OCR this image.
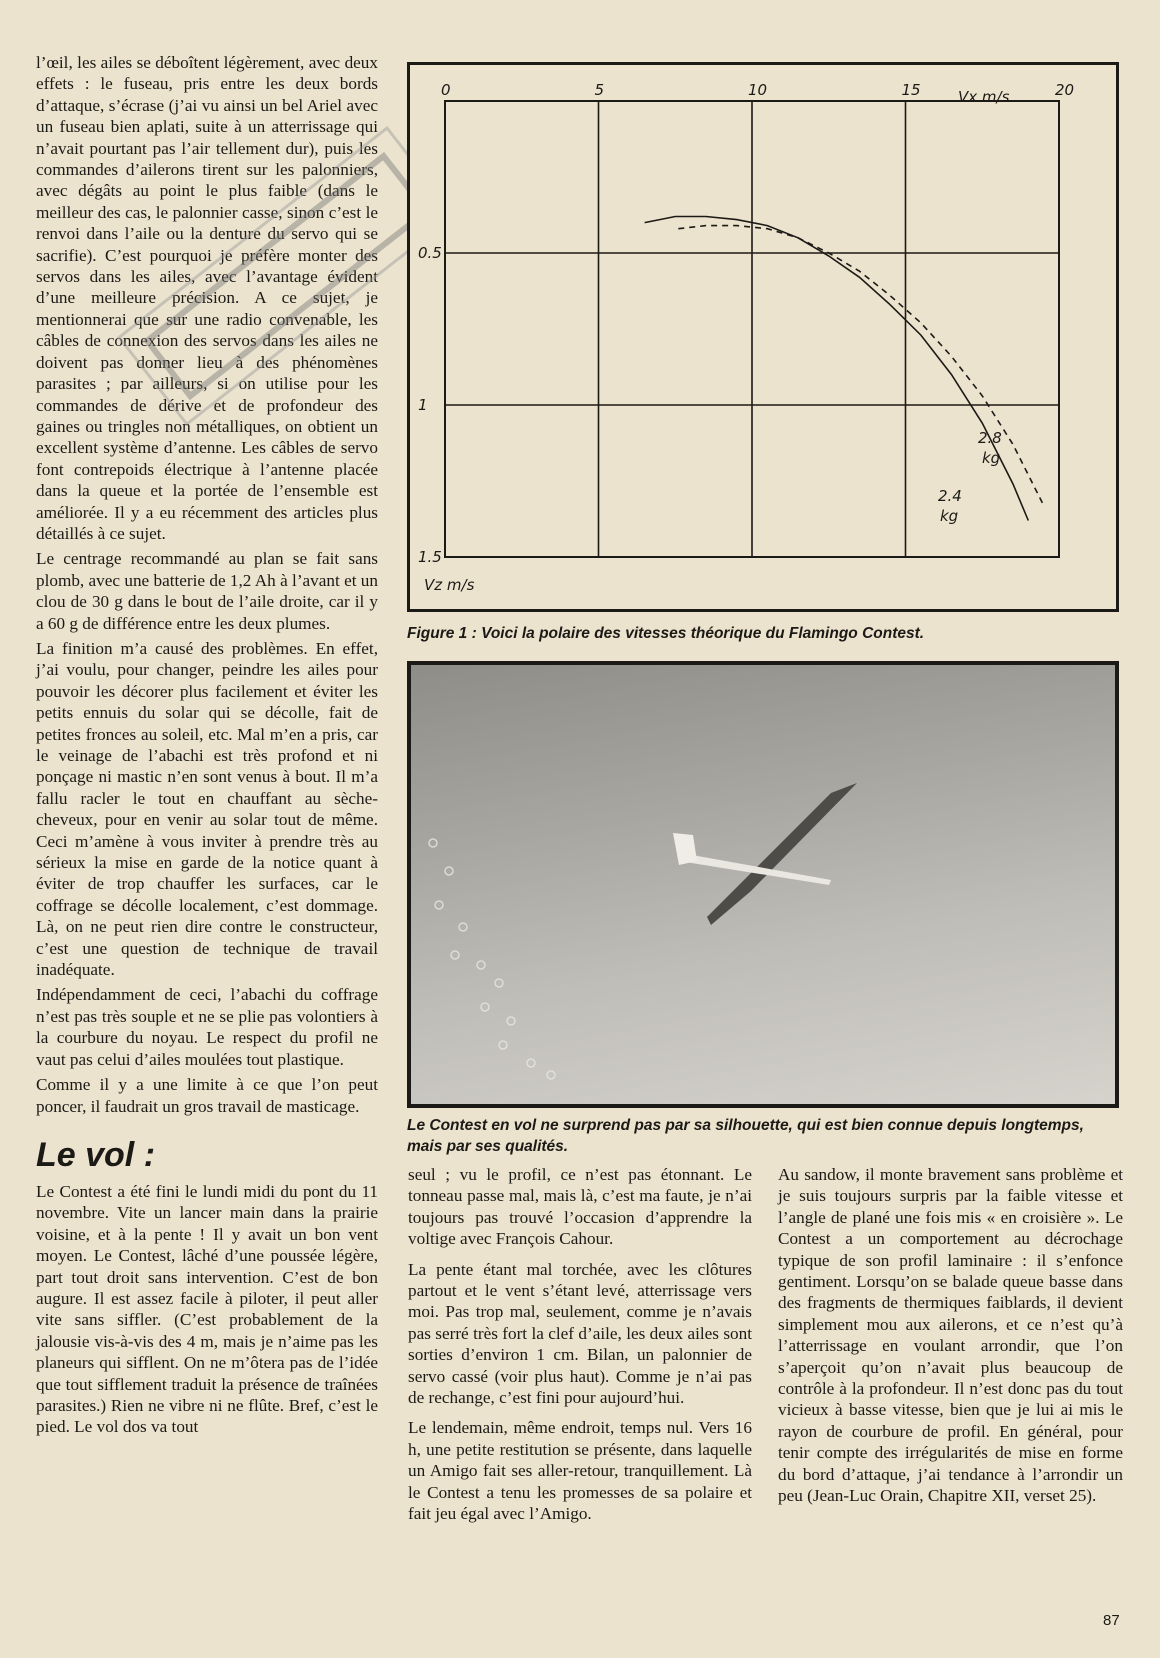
l’œil, les ailes se déboîtent légèrement, avec deux effets : le fuseau, pris entre les deux bords d’attaque, s’écrase (j’ai vu ainsi un bel Ariel avec un fuseau bien aplati, suite à un atterrissage qui n’avait pourtant pas l’air tellement dur), puis les commandes d’ailerons tirent sur les palonniers, avec dégâts au point le plus faible (dans le meilleur des cas, le palonnier casse, sinon c’est le renvoi dans l’aile ou la denture du servo qui se sacrifie). C’est pourquoi je préfère monter des servos dans les ailes, avec l’avantage évident d’une meilleure précision. A ce sujet, je mentionnerai que sur une radio convenable, les câbles de connexion des servos dans les ailes ne doivent pas donner lieu à des phénomènes parasites ; par ailleurs, si on utilise pour les commandes de dérive et de profondeur des gaines ou tringles non métalliques, on obtient un excellent système d’antenne. Les câbles de servo font contrepoids électrique à l’antenne placée dans la queue et la portée de l’ensemble est améliorée. Il y a eu récemment des articles plus détaillés à ce sujet.

Le centrage recommandé au plan se fait sans plomb, avec une batterie de 1,2 Ah à l’avant et un clou de 30 g dans le bout de l’aile droite, car il y a 60 g de différence entre les deux plumes.

La finition m’a causé des problèmes. En effet, j’ai voulu, pour changer, peindre les ailes pour pouvoir les décorer plus facilement et éviter les petits ennuis du solar qui se décolle, fait de petites fronces au soleil, etc. Mal m’en a pris, car le veinage de l’abachi est très profond et ni ponçage ni mastic n’en sont venus à bout. Il m’a fallu racler le tout en chauffant au sèche-cheveux, pour en venir au solar tout de même. Ceci m’amène à vous inviter à prendre très au sérieux la mise en garde de la notice quant à éviter de trop chauffer les surfaces, car le coffrage se décolle localement, c’est dommage. Là, on ne peut rien dire contre le constructeur, c’est une question de technique de travail inadéquate.

Indépendamment de ceci, l’abachi du coffrage n’est pas très souple et ne se plie pas volontiers à la courbure du noyau. Le respect du profil ne vaut pas celui d’ailes moulées tout plastique.

Comme il y a une limite à ce que l’on peut poncer, il faudrait un gros travail de masticage.

Le vol :

Le Contest a été fini le lundi midi du pont du 11 novembre. Vite un lancer main dans la prairie voisine, et à la pente ! Il y avait un bon vent moyen. Le Contest, lâché d’une poussée légère, part tout droit sans intervention. C’est de bon augure. Il est assez facile à piloter, il peut aller vite sans siffler. (C’est probablement de la jalousie vis-à-vis des 4 m, mais je n’aime pas les planeurs qui sifflent. On ne m’ôtera pas de l’idée que tout sifflement traduit la présence de traînées parasites.) Rien ne vibre ni ne flûte. Bref, c’est le pied. Le vol dos va tout

0	5	10	15	20
0.5
1
1.5
Vx m/s
Vz m/s
2.8
kg
2.4
kg
Figure 1 : Voici la polaire des vitesses théorique du Flamingo Contest.
Le Contest en vol ne surprend pas par sa silhouette, qui est bien connue depuis longtemps, mais par ses qualités.

seul ; vu le profil, ce n’est pas étonnant. Le tonneau passe mal, mais là, c’est ma faute, je n’ai toujours pas trouvé l’occasion d’apprendre la voltige avec François Cahour.

La pente étant mal torchée, avec les clôtures partout et le vent s’étant levé, atterrissage vers moi. Pas trop mal, seulement, comme je n’avais pas serré très fort la clef d’aile, les deux ailes sont sorties d’environ 1 cm. Bilan, un palonnier de servo cassé (voir plus haut). Comme je n’ai pas de rechange, c’est fini pour aujourd’hui.

Le lendemain, même endroit, temps nul. Vers 16 h, une petite restitution se présente, dans laquelle un Amigo fait ses aller-retour, tranquillement. Là le Contest a tenu les promesses de sa polaire et fait jeu égal avec l’Amigo.

Au sandow, il monte bravement sans problème et je suis toujours surpris par la faible vitesse et l’angle de plané une fois mis « en croisière ». Le Contest a un comportement au décrochage typique de son profil laminaire : il s’enfonce gentiment. Lorsqu’on se balade queue basse dans des fragments de thermiques faiblards, il devient simplement mou aux ailerons, et ce n’est qu’à l’atterrissage en voulant arrondir, que l’on s’aperçoit qu’on n’avait plus beaucoup de contrôle à la profondeur. Il n’est donc pas du tout vicieux à basse vitesse, bien que je lui ai mis le rayon de courbure de profil. En général, pour tenir compte des irrégularités de mise en forme du bord d’attaque, j’ai tendance à l’arrondir un peu (Jean-Luc Orain, Chapitre XII, verset 25).

87
